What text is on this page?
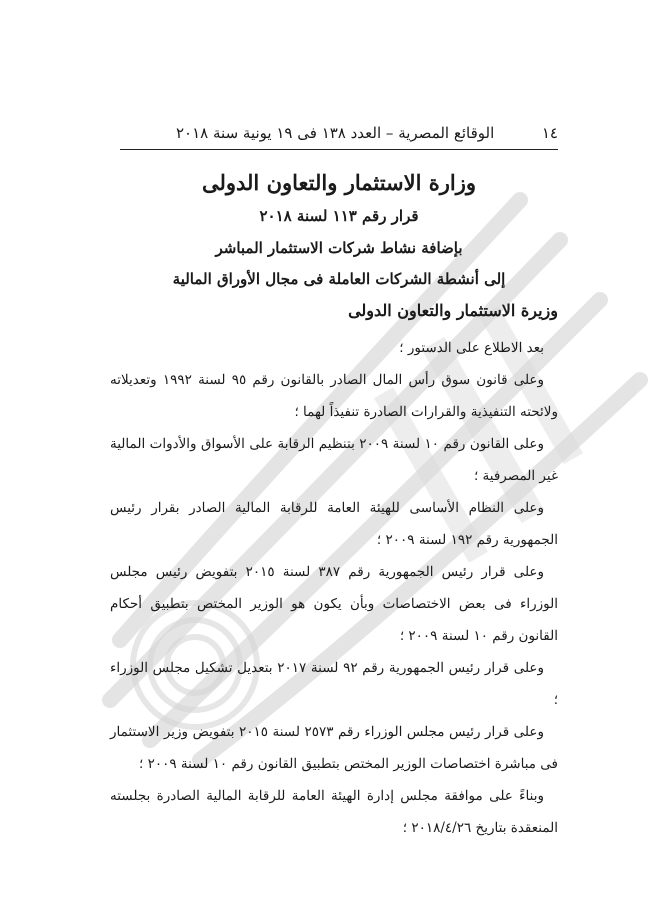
١٤
الوقائع المصرية – العدد ١٣٨ فى ١٩ يونية سنة ٢٠١٨
وزارة الاستثمار والتعاون الدولى
قرار رقم ١١٣ لسنة ٢٠١٨
بإضافة نشاط شركات الاستثمار المباشر
إلى أنشطة الشركات العاملة فى مجال الأوراق المالية
وزيرة الاستثمار والتعاون الدولى

بعد الاطلاع على الدستور ؛

وعلى قانون سوق رأس المال الصادر بالقانون رقم ٩٥ لسنة ١٩٩٢ وتعديلاته ولائحته التنفيذية والقرارات الصادرة تنفيذاً لهما ؛

وعلى القانون رقم ١٠ لسنة ٢٠٠٩ بتنظيم الرقابة على الأسواق والأدوات المالية غير المصرفية ؛

وعلى النظام الأساسى للهيئة العامة للرقابة المالية الصادر بقرار رئيس الجمهورية رقم ١٩٢ لسنة ٢٠٠٩ ؛

وعلى قرار رئيس الجمهورية رقم ٣٨٧ لسنة ٢٠١٥ بتفويض رئيس مجلس الوزراء فى بعض الاختصاصات وبأن يكون هو الوزير المختص بتطبيق أحكام القانون رقم ١٠ لسنة ٢٠٠٩ ؛

وعلى قرار رئيس الجمهورية رقم ٩٢ لسنة ٢٠١٧ بتعديل تشكيل مجلس الوزراء ؛

وعلى قرار رئيس مجلس الوزراء رقم ٢٥٧٣ لسنة ٢٠١٥ بتفويض وزير الاستثمار فى مباشرة اختصاصات الوزير المختص بتطبيق القانون رقم ١٠ لسنة ٢٠٠٩ ؛

وبناءً على موافقة مجلس إدارة الهيئة العامة للرقابة المالية الصادرة بجلسته المنعقدة بتاريخ ٢٠١٨/٤/٢٦ ؛
